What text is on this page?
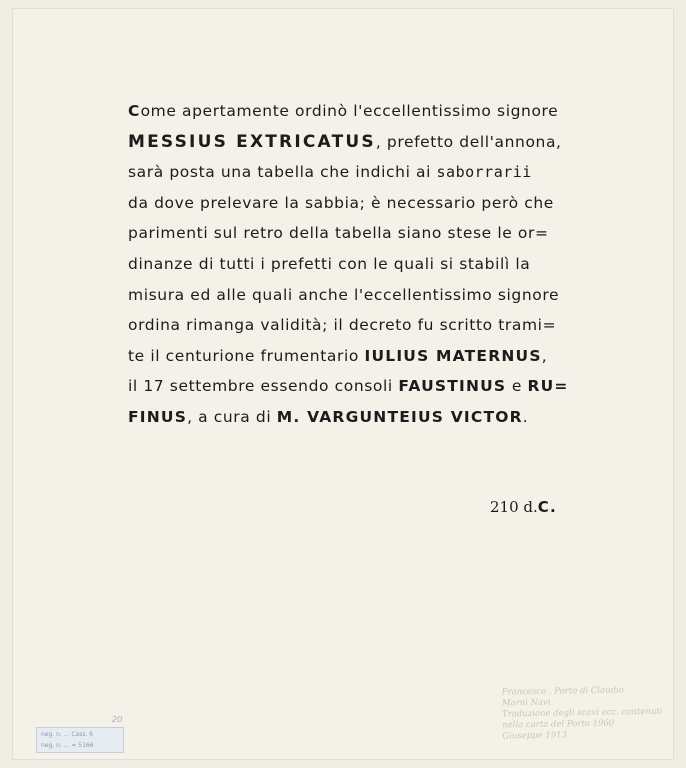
Come apertamente ordinò l'eccellentissimo signore
MESSIUS EXTRICATUS, prefetto dell'annona,
sarà posta una tabella che indichi ai saborrarii
da dove prelevare la sabbia; è necessario però che
parimenti sul retro della tabella siano stese le or=
dinanze di tutti i prefetti con le quali si stabilì la
misura ed alle quali anche l'eccellentissimo signore
ordina rimanga validità; il decreto fu scritto trami=
te il centurione frumentario IULIUS MATERNUS,
il 17 settembre essendo consoli FAUSTINUS e RU=
FINUS, a cura di M. VARGUNTEIUS VICTOR.
210 d.C.
Francesco . Porto di Claudio
Marni Navi.
Traduzione degli scavi ecc. contenuti
nella carta del Porto 1960
Giuseppe 1913
20
neg. n. ... Cass. 6
neg. n. ... = 5166
